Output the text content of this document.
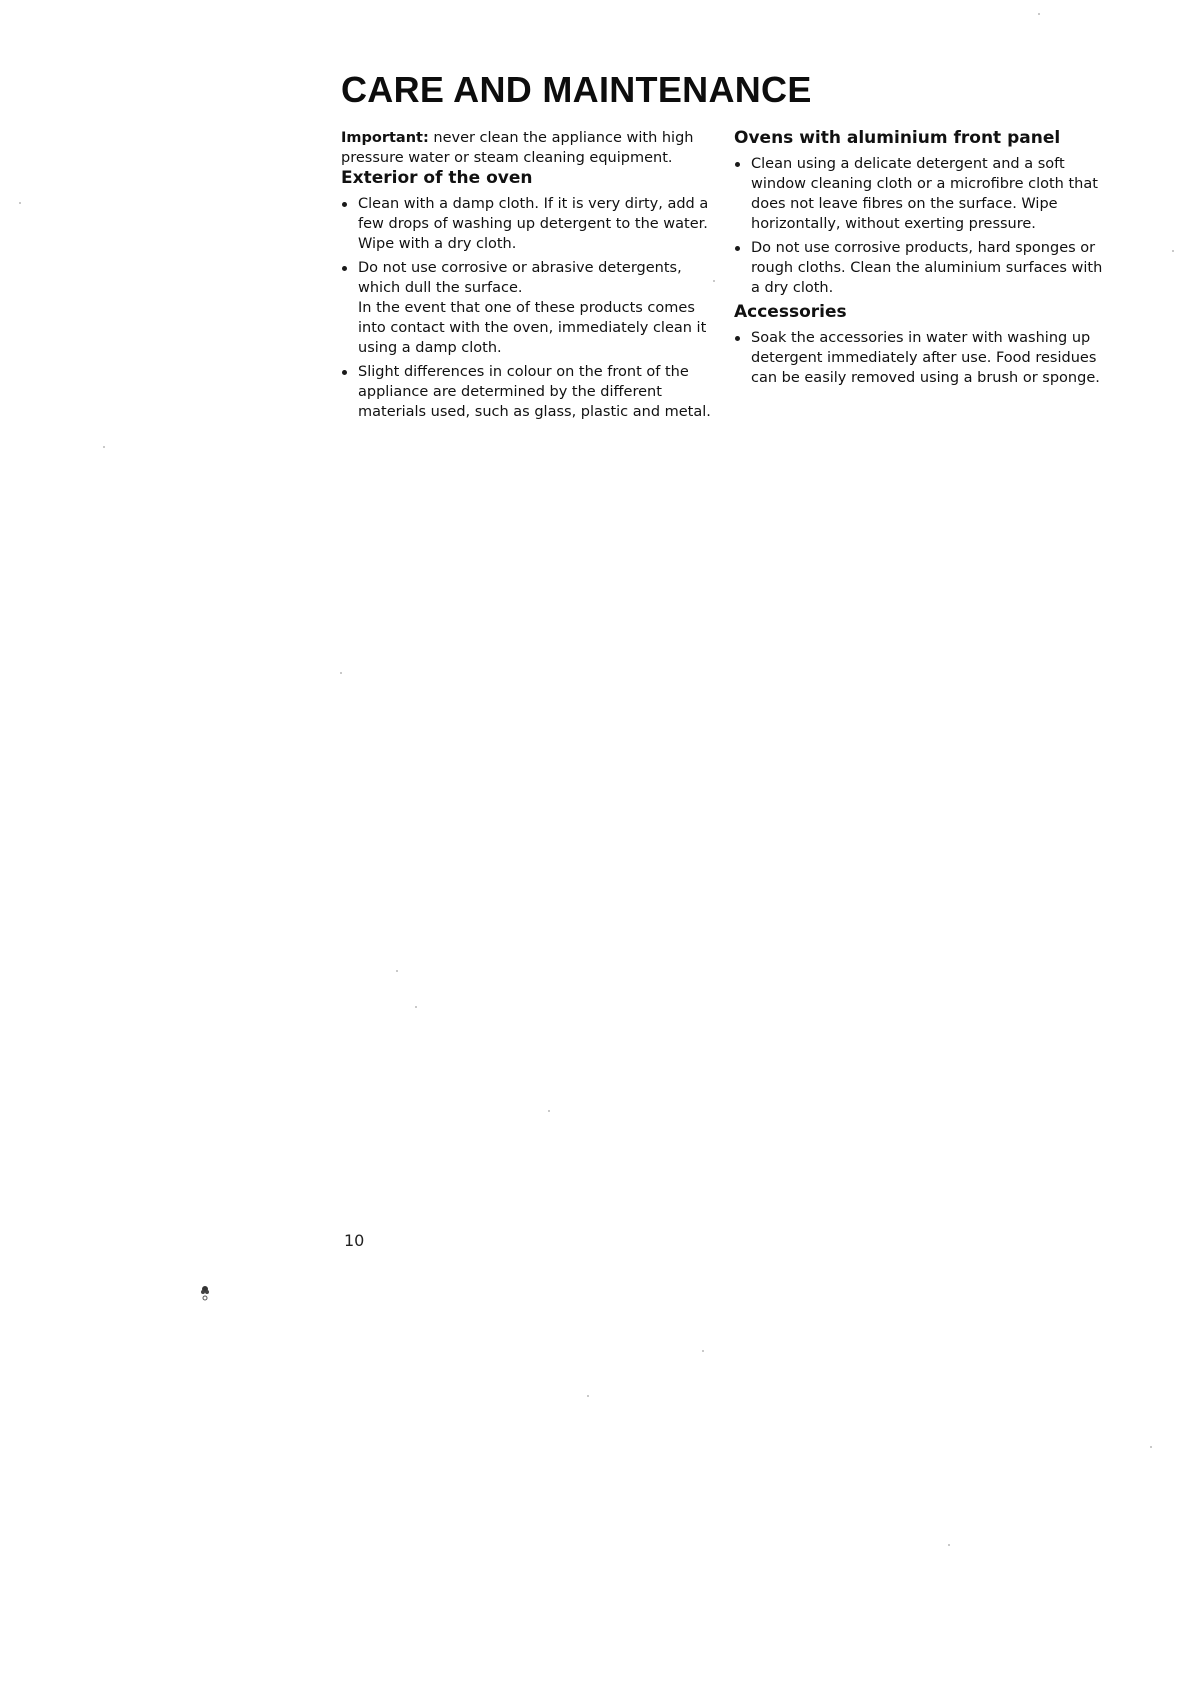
CARE AND MAINTENANCE

Important: never clean the appliance with high pressure water or steam cleaning equipment.

Exterior of the oven
Clean with a damp cloth. If it is very dirty, add a few drops of washing up detergent to the water. Wipe with a dry cloth.
Do not use corrosive or abrasive detergents, which dull the surface.
In the event that one of these products comes into contact with the oven, immediately clean it using a damp cloth.
Slight differences in colour on the front of the appliance are determined by the different materials used, such as glass, plastic and metal.
Ovens with aluminium front panel
Clean using a delicate detergent and a soft window cleaning cloth or a microfibre cloth that does not leave fibres on the surface. Wipe horizontally, without exerting pressure.
Do not use corrosive products, hard sponges or rough cloths. Clean the aluminium surfaces with a dry cloth.
Accessories
Soak the accessories in water with washing up detergent immediately after use. Food residues can be easily removed using a brush or sponge.
10
